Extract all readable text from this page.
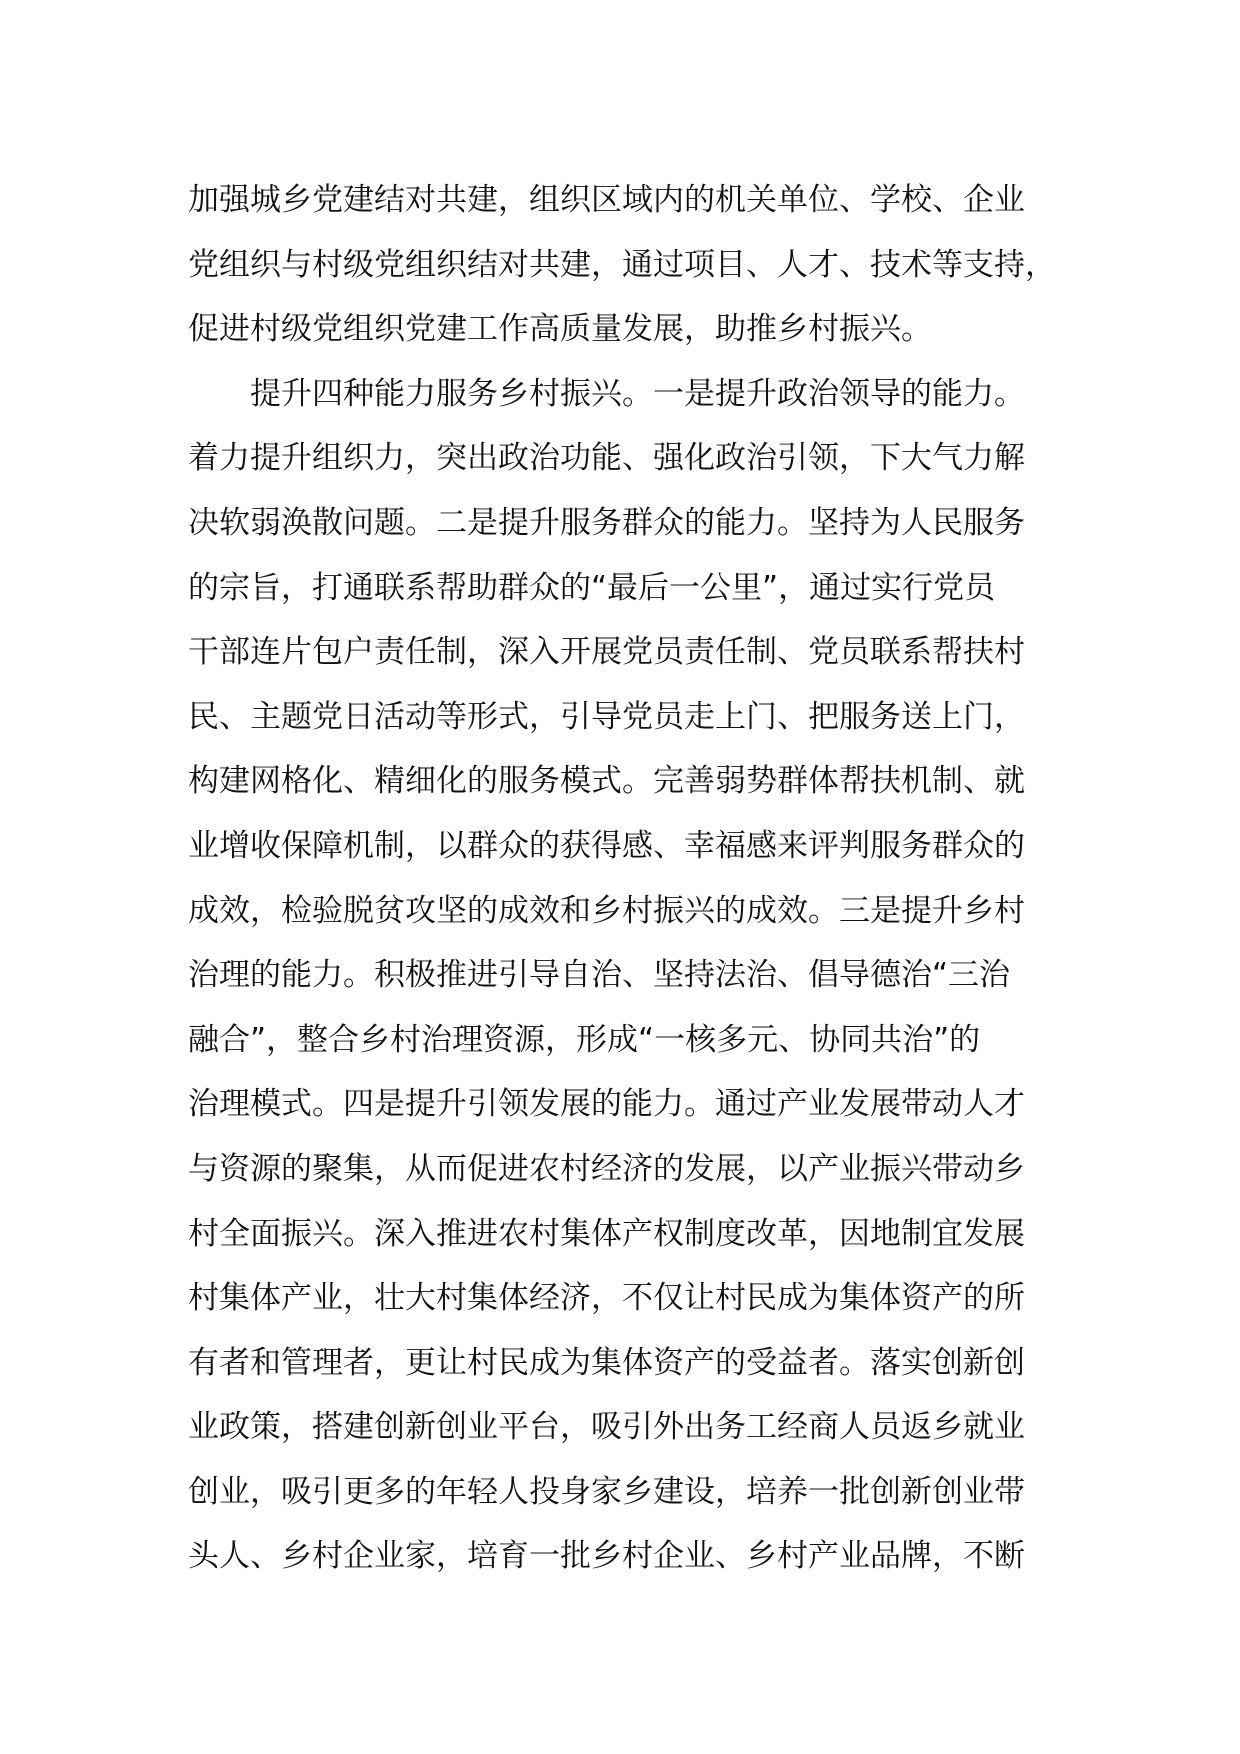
加强城乡党建结对共建，组织区域内的机关单位、学校、企业
党组织与村级党组织结对共建，通过项目、人才、技术等支持，
促进村级党组织党建工作高质量发展，助推乡村振兴。
提升四种能力服务乡村振兴。一是提升政治领导的能力。
着力提升组织力，突出政治功能、强化政治引领，下大气力解
决软弱涣散问题。二是提升服务群众的能力。坚持为人民服务
的宗旨，打通联系帮助群众的“最后一公里”，通过实行党员
干部连片包户责任制，深入开展党员责任制、党员联系帮扶村
民、主题党日活动等形式，引导党员走上门、把服务送上门，
构建网格化、精细化的服务模式。完善弱势群体帮扶机制、就
业增收保障机制，以群众的获得感、幸福感来评判服务群众的
成效，检验脱贫攻坚的成效和乡村振兴的成效。三是提升乡村
治理的能力。积极推进引导自治、坚持法治、倡导德治“三治
融合”，整合乡村治理资源，形成“一核多元、协同共治”的
治理模式。四是提升引领发展的能力。通过产业发展带动人才
与资源的聚集，从而促进农村经济的发展，以产业振兴带动乡
村全面振兴。深入推进农村集体产权制度改革，因地制宜发展
村集体产业，壮大村集体经济，不仅让村民成为集体资产的所
有者和管理者，更让村民成为集体资产的受益者。落实创新创
业政策，搭建创新创业平台，吸引外出务工经商人员返乡就业
创业，吸引更多的年轻人投身家乡建设，培养一批创新创业带
头人、乡村企业家，培育一批乡村企业、乡村产业品牌，不断
